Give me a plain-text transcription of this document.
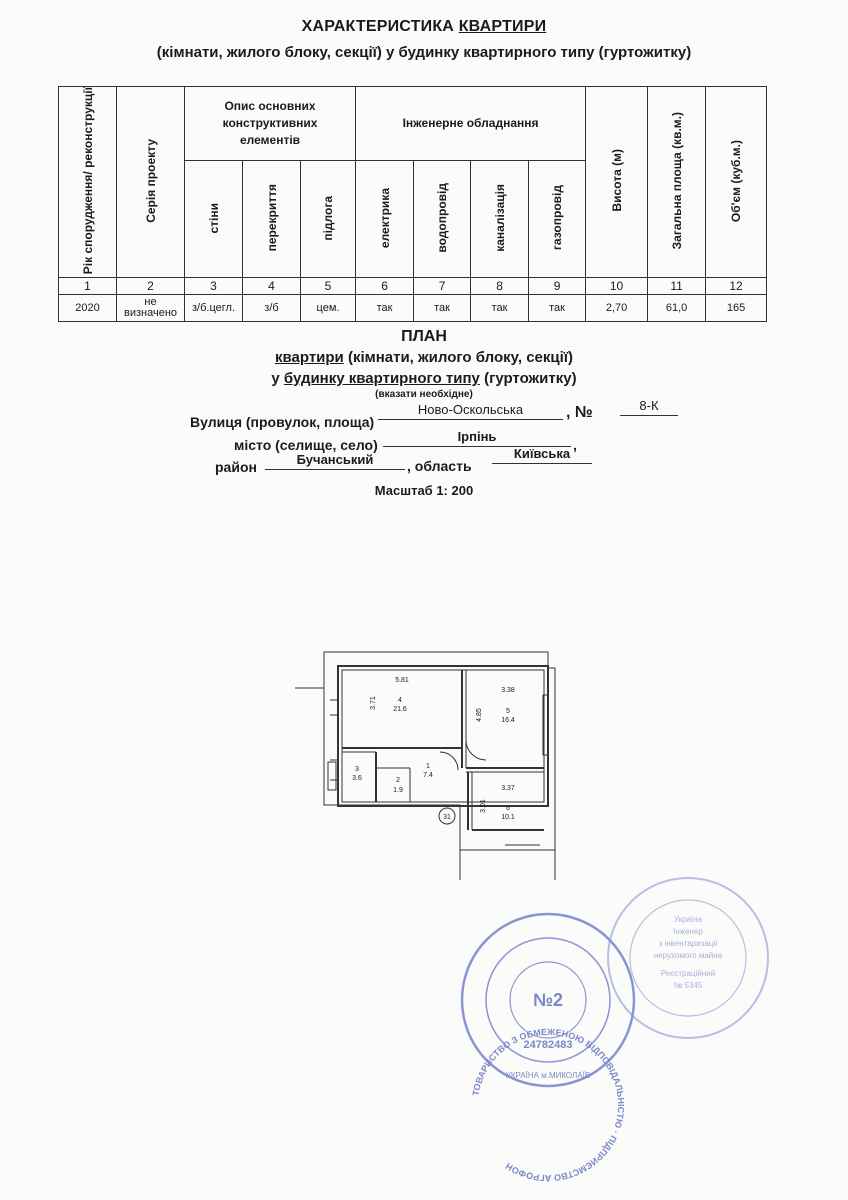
ХАРАКТЕРИСТИКА КВАРТИРИ
(кімнати, жилого блоку, секції) у будинку квартирного типу (гуртожитку)
Рік спорудження/ реконструкції	Серія проекту	Опис основних конструктивних елементів			Інженерне обладнання				Висота (м)	Загальна площа (кв.м.)	Об'єм (куб.м.)
		стіни	перекриття	підлога	електрика	водопровід	каналізація	газопровід			
1	2	3	4	5	6	7	8	9	10	11	12
2020	не визначено	з/б.цегл.	з/б	цем.	так	так	так	так	2,70	61,0	165
ПЛАН
квартири (кімнати, жилого блоку, секції)
у будинку квартирного типу (гуртожитку)
(вказати необхідне)
Вулиця (провулок, площа)
Ново-Оскольська	, №	8-К
місто (селище, село)
Ірпінь
,
район	Бучанський	, область
Київська
Масштаб 1: 200
5.81
3.71	4
21.6
3.38
4.85	5
16.4
3
3.6	2
1.9
1
7.4
3.37
3.01	6
10.1
31
ТОВАРИСТВО З ОБМЕЖЕНОЮ ВІДПОВІДАЛЬНІСТЮ · ПІДПРИЄМСТВО АГРОФОН
№2
24782483
УКРАЇНА м.МИКОЛАЇВ
Україна
Інженер
з інвентаризації
нерухомого майна
Реєстраційний
№ 5345
